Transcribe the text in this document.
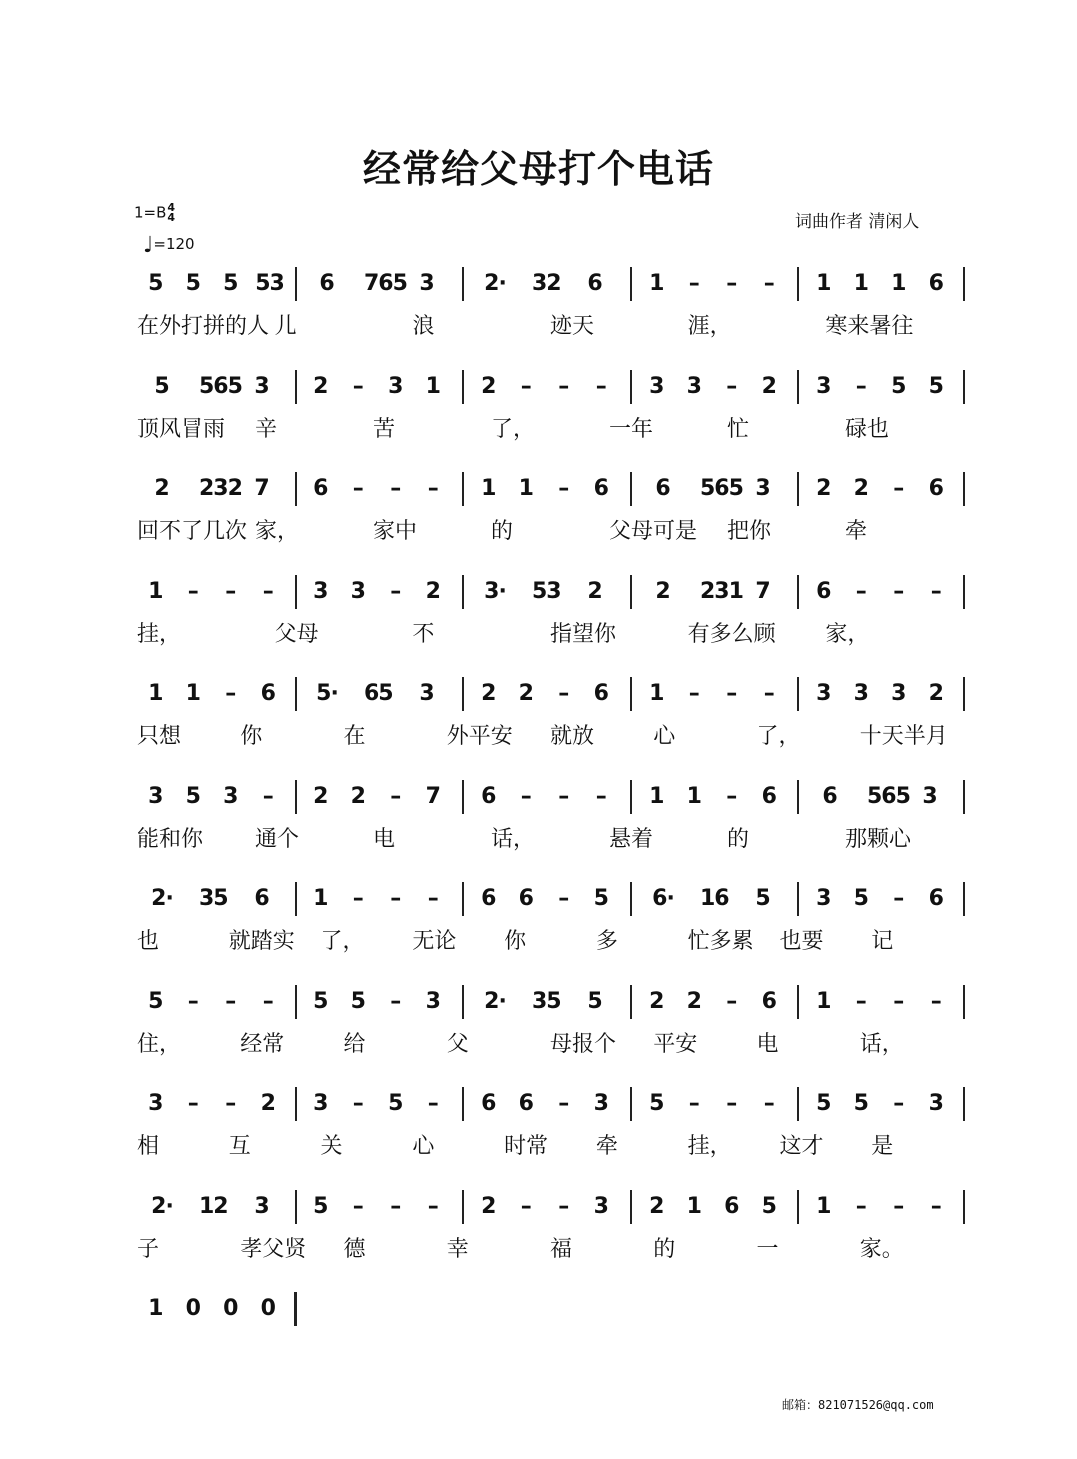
经常给父母打个电话
1=B4
4
♩=120
词曲作者 清闲人
5 5 5 53 6 765 3 2· 32 6 1	–	–	–	1 1 1 6
在外打拼的人 儿	浪	迹天	涯，	寒来暑往
5 565 3 2	–	3 1 2	–	–	–	3 3	–	2 3	–	5 5
顶风冒雨 辛	苦	了，	一年	忙	碌也
2 232 7 6	–	–	–	1 1	–	6 6 565 3 2 2	–	6
回不了几次 家，	家中	的	父母可是 把你	牵
1	–	–	–	3 3	–	2 3· 53 2 2 231 7 6	–	–	–
挂，	父母	不	指望你	有多么顾 家，
1 1	–	6 5· 65 3 2 2	–	6 1	–	–	–	3 3 3 2
只想	你	在	外平安 就放	心	了，	十天半月
3 5 3	–	2 2	–	7 6	–	–	–	1 1	–	6 6 565 3
能和你 通个	电	话，	悬着	的	那颗心
2· 35 6 1	–	–	–	6 6	–	5 6· 16 5 3 5	–	6
也	就踏实 了， 无论 你	多	忙多累 也要 记
5	–	–	–	5 5	–	3 2· 35 5 2 2	–	6 1	–	–	–
住，	经常	给	父	母报个 平安	电	话，
3	–	–	2 3	–	5	–	6 6	–	3 5	–	–	–	5 5	–	3
相	互	关	心	时常 牵	挂， 这才 是
2· 12 3 5	–	–	–	2	–	–	3 2 1 6 5 1	–	–	–
子	孝父贤 德	幸	福	的	一	家。
1 0 0 0
邮箱：821071526@qq.com
